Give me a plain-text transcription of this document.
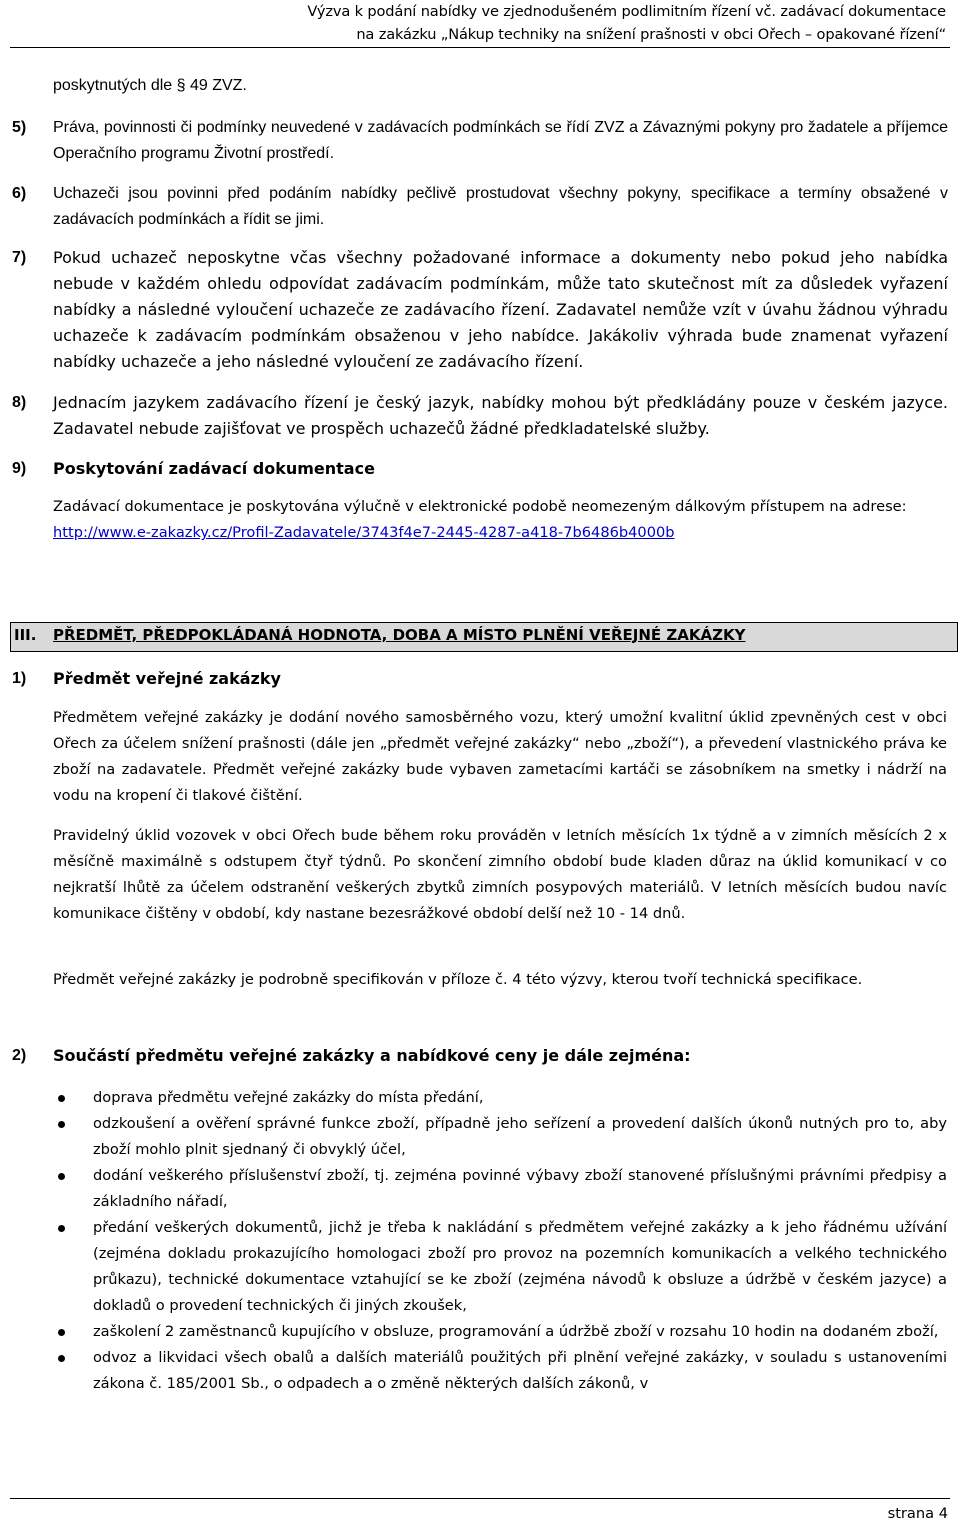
Výzva k podání nabídky ve zjednodušeném podlimitním řízení vč. zadávací dokumentace
na zakázku „Nákup techniky na snížení prašnosti v obci Ořech – opakované řízení“
poskytnutých dle § 49 ZVZ.
5) Práva, povinnosti či podmínky neuvedené v zadávacích podmínkách se řídí ZVZ a Závaznými pokyny pro žadatele a příjemce Operačního programu Životní prostředí.
6) Uchazeči jsou povinni před podáním nabídky pečlivě prostudovat všechny pokyny, specifikace a termíny obsažené v zadávacích podmínkách a řídit se jimi.
7) Pokud uchazeč neposkytne včas všechny požadované informace a dokumenty nebo pokud jeho nabídka nebude v každém ohledu odpovídat zadávacím podmínkám, může tato skutečnost mít za důsledek vyřazení nabídky a následné vyloučení uchazeče ze zadávacího řízení. Zadavatel nemůže vzít v úvahu žádnou výhradu uchazeče k zadávacím podmínkám obsaženou v jeho nabídce. Jakákoliv výhrada bude znamenat vyřazení nabídky uchazeče a jeho následné vyloučení ze zadávacího řízení.
8) Jednacím jazykem zadávacího řízení je český jazyk, nabídky mohou být předkládány pouze v českém jazyce. Zadavatel nebude zajišťovat ve prospěch uchazečů žádné předkladatelské služby.
9) Poskytování zadávací dokumentace
Zadávací dokumentace je poskytována výlučně v elektronické podobě neomezeným dálkovým přístupem na adrese:
http://www.e-zakazky.cz/Profil-Zadavatele/3743f4e7-2445-4287-a418-7b6486b4000b
III. PŘEDMĚT, PŘEDPOKLÁDANÁ HODNOTA, DOBA A MÍSTO PLNĚNÍ VEŘEJNÉ ZAKÁZKY
1) Předmět veřejné zakázky
Předmětem veřejné zakázky je dodání nového samosběrného vozu, který umožní kvalitní úklid zpevněných cest v obci Ořech za účelem snížení prašnosti (dále jen „předmět veřejné zakázky“ nebo „zboží“), a převedení vlastnického práva ke zboží na zadavatele. Předmět veřejné zakázky bude vybaven zametacími kartáči se zásobníkem na smetky i nádrží na vodu na kropení či tlakové čištění.
Pravidelný úklid vozovek v obci Ořech bude během roku prováděn v letních měsících 1x týdně a v zimních měsících 2 x měsíčně maximálně s odstupem čtyř týdnů. Po skončení zimního období bude kladen důraz na úklid komunikací v co nejkratší lhůtě za účelem odstranění veškerých zbytků zimních posypových materiálů. V letních měsících budou navíc komunikace čištěny v období, kdy nastane bezesrážkové období delší než 10 - 14 dnů.
Předmět veřejné zakázky je podrobně specifikován v příloze č. 4 této výzvy, kterou tvoří technická specifikace.
2) Součástí předmětu veřejné zakázky a nabídkové ceny je dále zejména:
doprava předmětu veřejné zakázky do místa předání,
odzkoušení a ověření správné funkce zboží, případně jeho seřízení a provedení dalších úkonů nutných pro to, aby zboží mohlo plnit sjednaný či obvyklý účel,
dodání veškerého příslušenství zboží, tj. zejména povinné výbavy zboží stanovené příslušnými právními předpisy a základního nářadí,
předání veškerých dokumentů, jichž je třeba k nakládání s předmětem veřejné zakázky a k jeho řádnému užívání (zejména dokladu prokazujícího homologaci zboží pro provoz na pozemních komunikacích a velkého technického průkazu), technické dokumentace vztahující se ke zboží (zejména návodů k obsluze a údržbě v českém jazyce) a dokladů o provedení technických či jiných zkoušek,
zaškolení 2 zaměstnanců kupujícího v obsluze, programování a údržbě zboží v rozsahu 10 hodin na dodaném zboží,
odvoz a likvidaci všech obalů a dalších materiálů použitých při plnění veřejné zakázky, v souladu s ustanoveními zákona č. 185/2001 Sb., o odpadech a o změně některých dalších zákonů, v
strana 4
